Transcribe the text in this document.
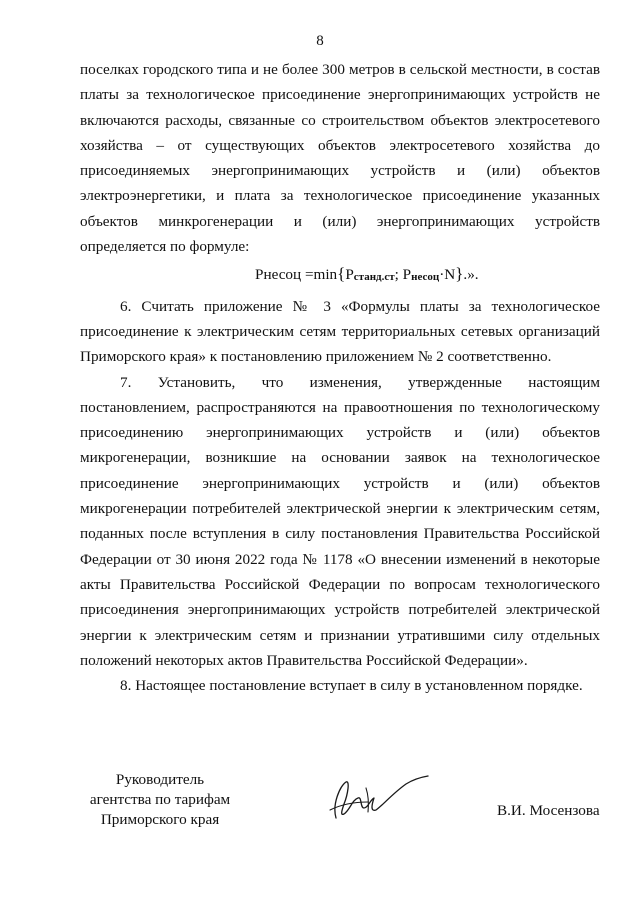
8

поселках городского типа и не более 300 метров в сельской местности, в состав платы за технологическое присоединение энергопринимающих устройств не включаются расходы, связанные со строительством объектов электросетевого хозяйства – от существующих объектов электросетевого хозяйства до присоединяемых энергопринимающих устройств и (или) объектов электроэнергетики, и плата за технологическое присоединение указанных объектов минкрогенерации и (или) энергопринимающих устройств определяется по формуле:

Pнесоц =min{Pстанд.ст; Pнесоц·N}.».

6. Считать приложение № 3 «Формулы платы за технологическое присоединение к электрическим сетям территориальных сетевых организаций Приморского края» к постановлению приложением № 2 соответственно.

7. Установить, что изменения, утвержденные настоящим постановлением, распространяются на правоотношения по технологическому присоединению энергопринимающих устройств и (или) объектов микрогенерации, возникшие на основании заявок на технологическое присоединение энергопринимающих устройств и (или) объектов микрогенерации потребителей электрической энергии к электрическим сетям, поданных после вступления в силу постановления Правительства Российской Федерации от 30 июня 2022 года № 1178 «О внесении изменений в некоторые акты Правительства Российской Федерации по вопросам технологического присоединения энергопринимающих устройств потребителей электрической энергии к электрическим сетям и признании утратившими силу отдельных положений некоторых актов Правительства Российской Федерации».

8. Настоящее постановление вступает в силу в установленном порядке.

Руководитель
агентства по тарифам
Приморского края
В.И. Мосензова
